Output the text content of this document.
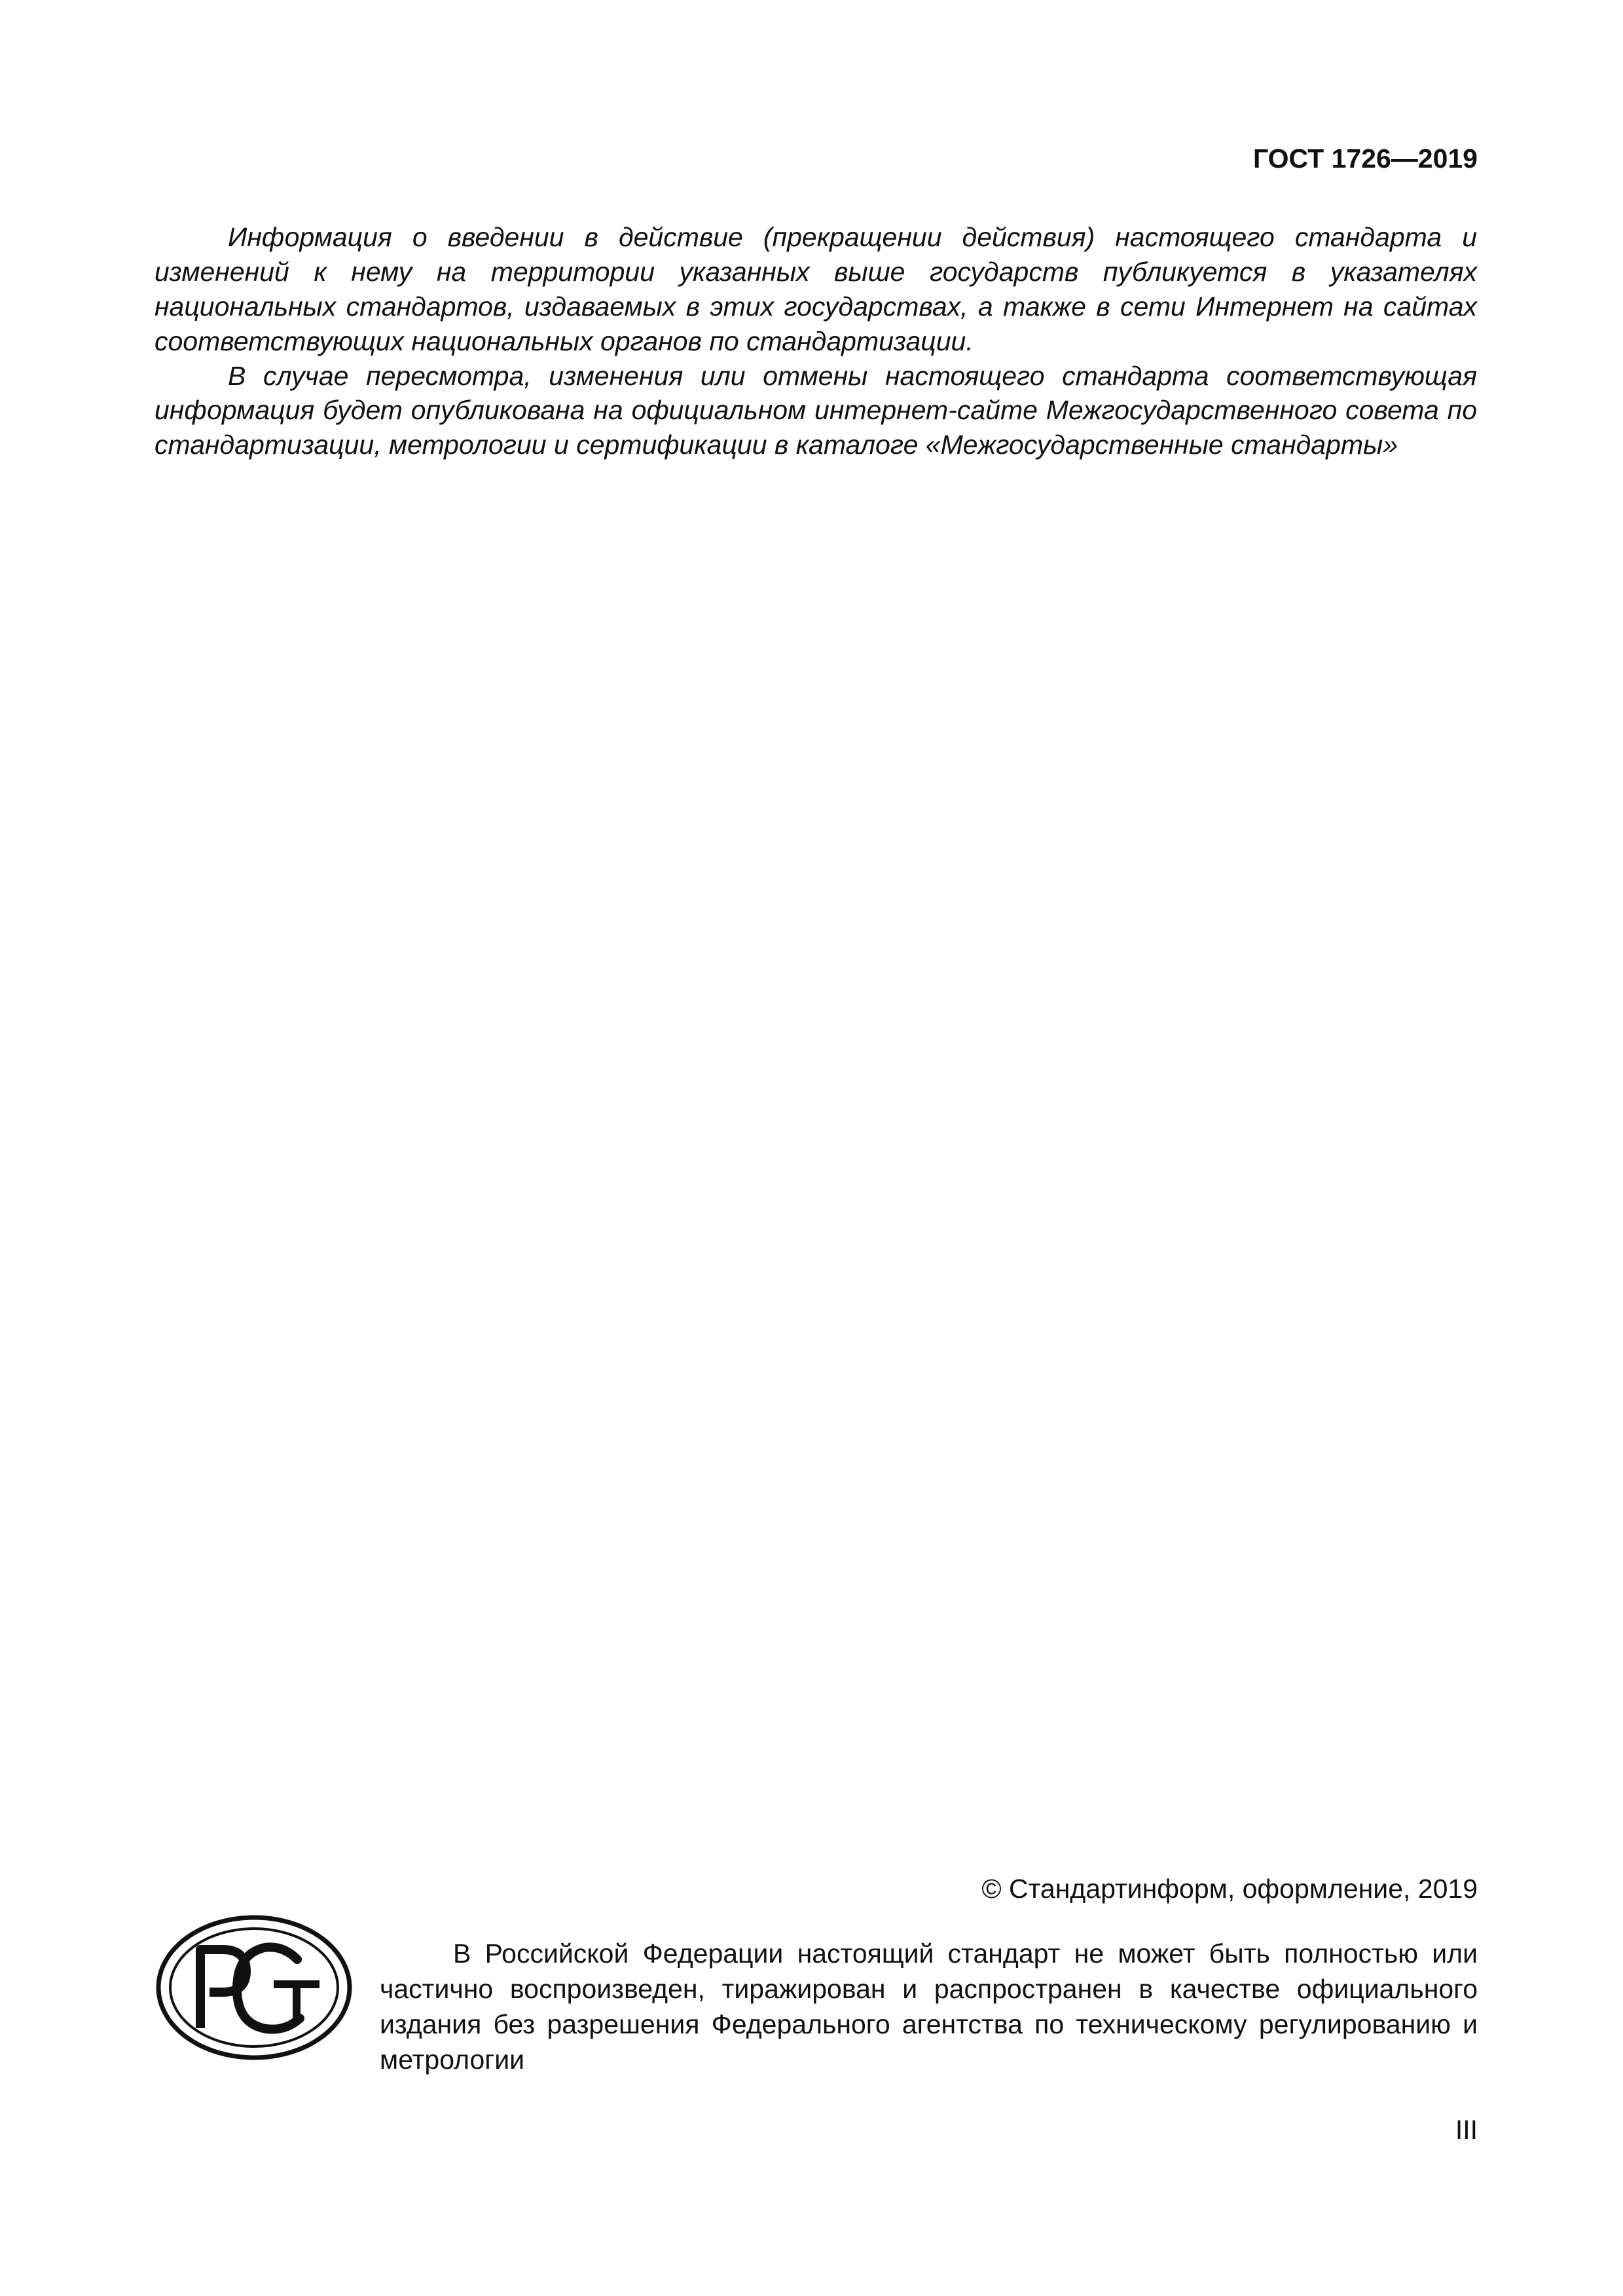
ГОСТ 1726—2019

Информация о введении в действие (прекращении действия) настоящего стандарта и изменений к нему на территории указанных выше государств публикуется в указателях национальных стандартов, издаваемых в этих государствах, а также в сети Интернет на сайтах соответствующих национальных органов по стандартизации.

В случае пересмотра, изменения или отмены настоящего стандарта соответствующая информация будет опубликована на официальном интернет-сайте Межгосударственного совета по стандартизации, метрологии и сертификации в каталоге «Межгосударственные стандарты»

© Стандартинформ, оформление, 2019

В Российской Федерации настоящий стандарт не может быть полностью или частично воспроизведен, тиражирован и распространен в качестве официального издания без разрешения Федерального агентства по техническому регулированию и метрологии

III
